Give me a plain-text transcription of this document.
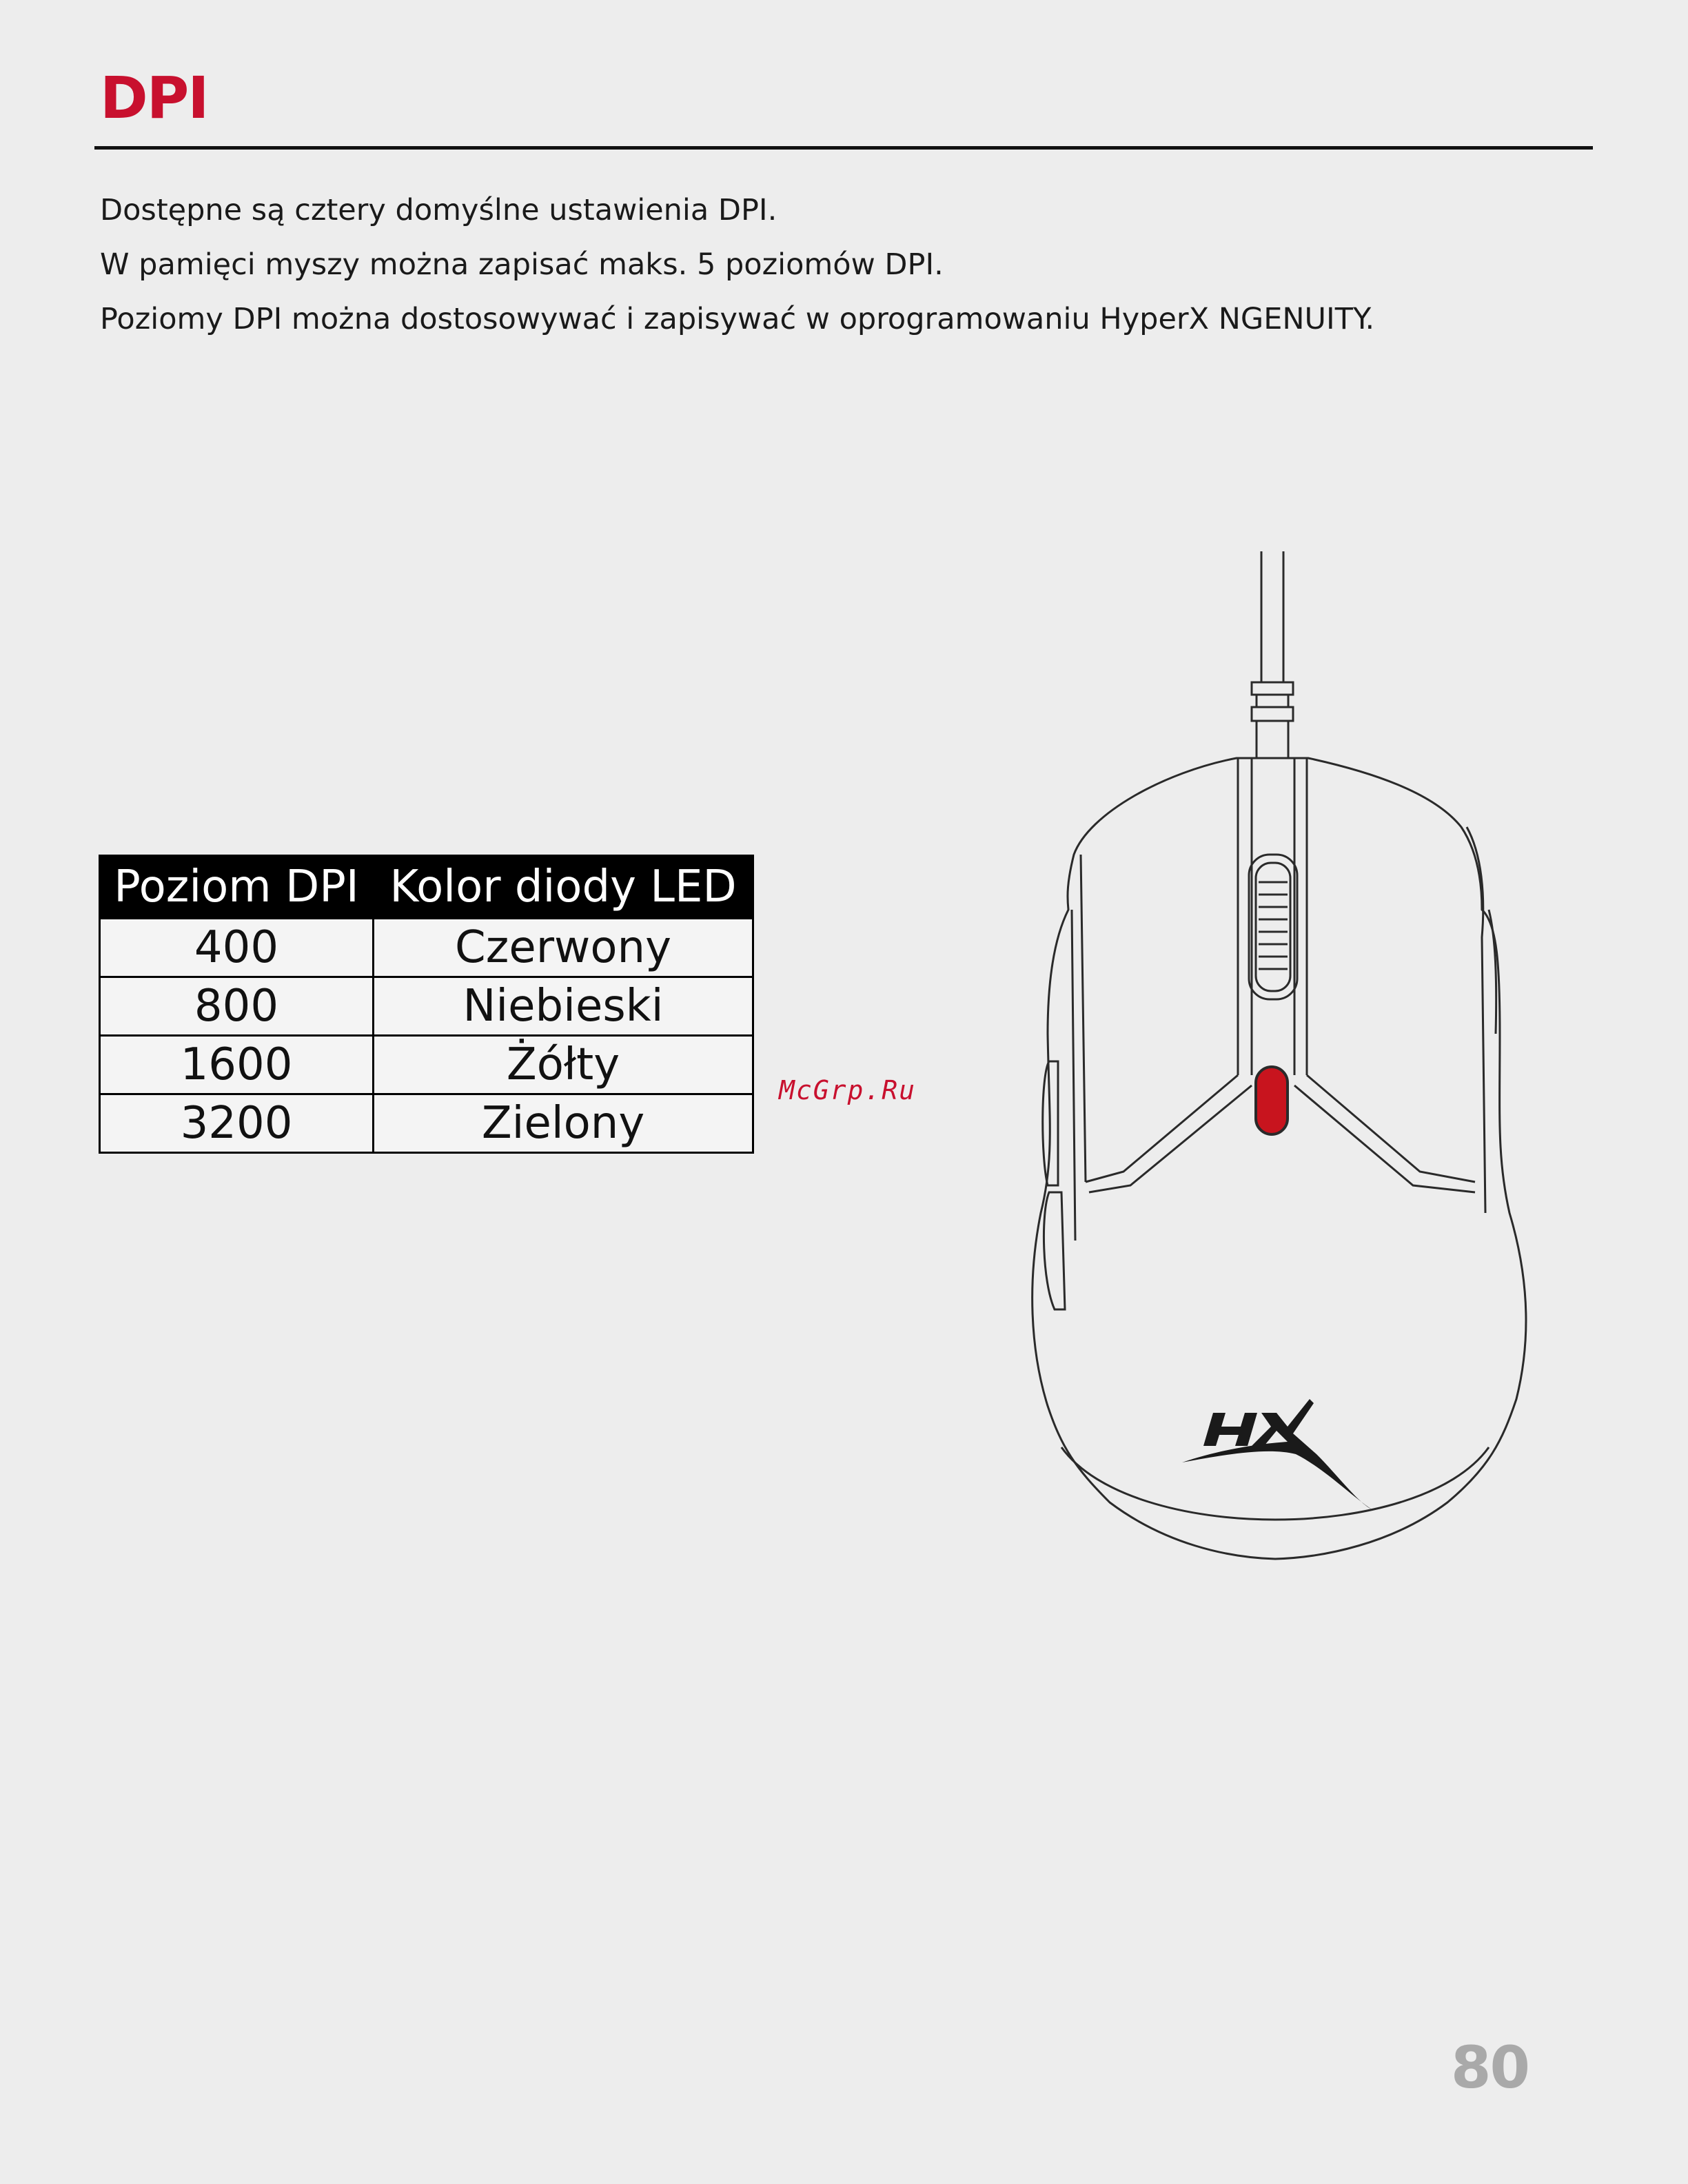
DPI

Dostępne są cztery domyślne ustawienia DPI.

W pamięci myszy można zapisać maks. 5 poziomów DPI.

Poziomy DPI można dostosowywać i zapisywać w oprogramowaniu HyperX NGENUITY.

Poziom DPI	Kolor diody LED
400	Czerwony
800	Niebieski
1600	Żółty
3200	Zielony
McGrp.Ru
80
